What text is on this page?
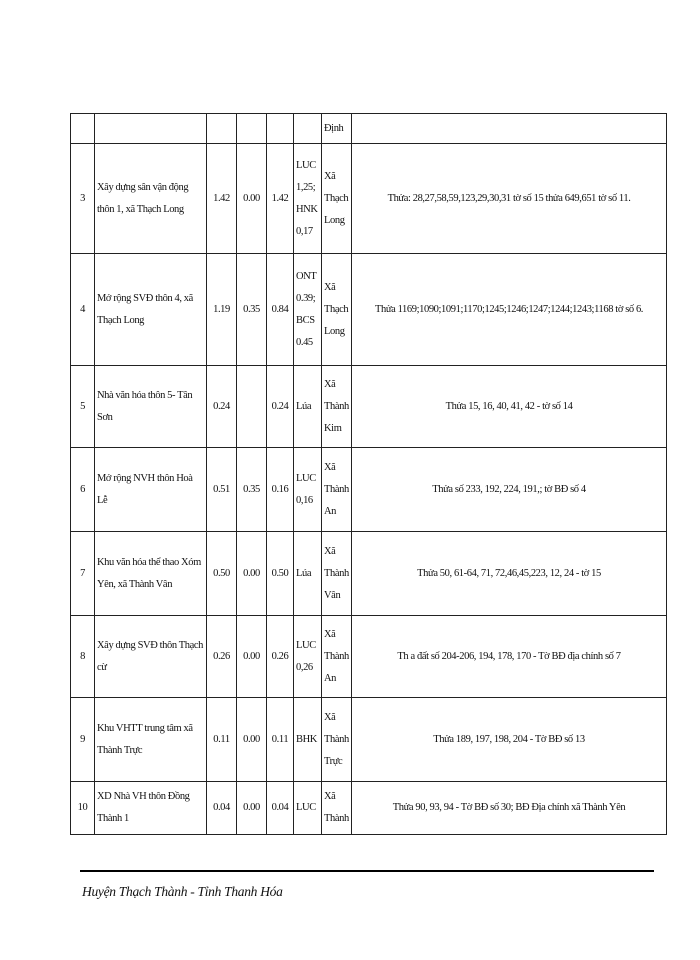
						Định	
3	Xây dựng sân vận động thôn 1, xã Thạch Long	1.42	0.00	1.42	LUC 1,25; HNK 0,17	Xã Thạch Long	Thửa: 28,27,58,59,123,29,30,31 tờ số 15 thửa 649,651 tờ số 11.
4	Mở rộng SVĐ thôn 4, xã Thạch Long	1.19	0.35	0.84	ONT 0.39; BCS 0.45	Xã Thạch Long	Thửa 1169;1090;1091;1170;1245;1246;1247;1244;1243;1168 tờ số 6.
5	Nhà văn hóa thôn 5- Tân Sơn	0.24		0.24	Lúa	Xã Thành Kim	Thửa 15, 16, 40, 41, 42 - tờ số 14
6	Mở rộng NVH thôn Hoà Lễ	0.51	0.35	0.16	LUC 0,16	Xã Thành An	Thửa số 233, 192, 224, 191,; tờ BĐ số 4
7	Khu văn hóa thể thao Xóm Yên, xã Thành Vân	0.50	0.00	0.50	Lúa	Xã Thành Vân	Thửa 50, 61-64, 71, 72,46,45,223, 12, 24 - tờ 15
8	Xây dựng SVĐ thôn Thạch cừ	0.26	0.00	0.26	LUC 0,26	Xã Thành An	Th a đất số 204-206, 194, 178, 170 - Tờ BĐ địa chính số 7
9	Khu VHTT trung tâm xã Thành Trực	0.11	0.00	0.11	BHK	Xã Thành Trực	Thửa 189, 197, 198, 204 - Tờ BĐ số 13
10	XD Nhà VH thôn Đồng Thành 1	0.04	0.00	0.04	LUC	Xã Thành	Thửa 90, 93, 94 - Tờ BĐ số 30; BĐ Địa chính xã Thành Yên
Huyện Thạch Thành - Tỉnh Thanh Hóa
